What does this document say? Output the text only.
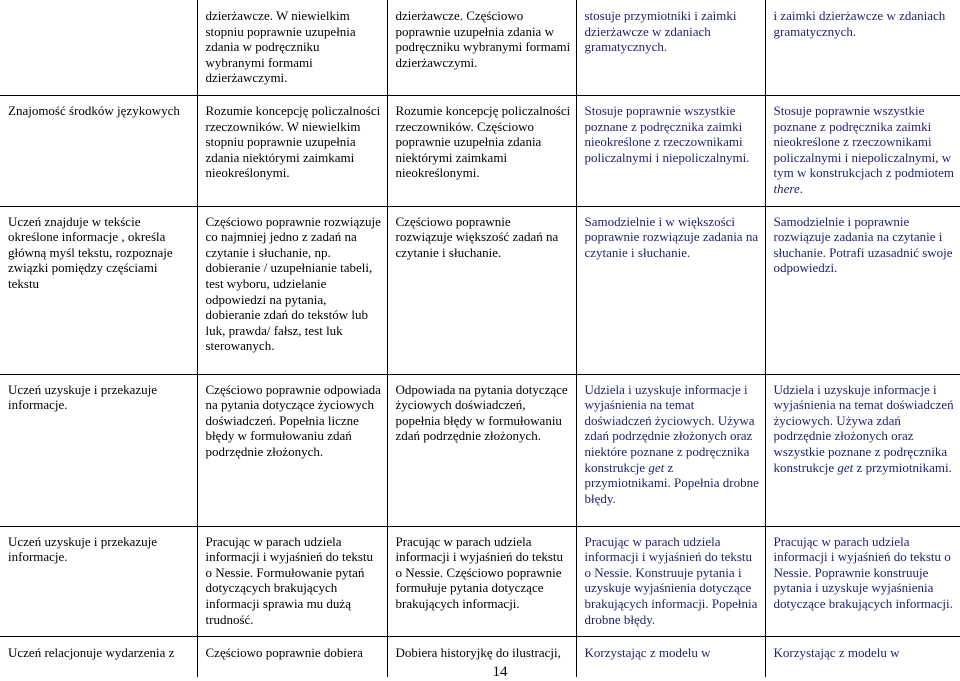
	dzierżawcze. W niewielkim stopniu poprawnie uzupełnia zdania w podręczniku wybranymi formami dzierżawczymi.	dzierżawcze. Częściowo poprawnie uzupełnia zdania w podręczniku wybranymi formami dzierżawczymi.	stosuje przymiotniki i zaimki dzierżawcze w zdaniach gramatycznych.	i zaimki dzierżawcze w zdaniach gramatycznych.
Znajomość środków językowych	Rozumie koncepcję policzalności rzeczowników. W niewielkim stopniu poprawnie uzupełnia zdania niektórymi zaimkami nieokreślonymi.	Rozumie koncepcję policzalności rzeczowników. Częściowo poprawnie uzupełnia zdania niektórymi zaimkami nieokreślonymi.	Stosuje poprawnie wszystkie poznane z podręcznika zaimki nieokreślone z rzeczownikami policzalnymi i niepoliczalnymi.	Stosuje poprawnie wszystkie poznane z podręcznika zaimki nieokreślone z rzeczownikami policzalnymi i niepoliczalnymi, w tym w konstrukcjach z podmiotem there.
Uczeń znajduje w tekście określone informacje , określa główną myśl tekstu, rozpoznaje związki pomiędzy częściami tekstu	Częściowo poprawnie rozwiązuje co najmniej jedno z zadań na czytanie i słuchanie, np. dobieranie / uzupełnianie tabeli, test wyboru, udzielanie odpowiedzi na pytania, dobieranie zdań do tekstów lub luk, prawda/ fałsz, test luk sterowanych.	Częściowo poprawnie rozwiązuje większość zadań na czytanie i słuchanie.	Samodzielnie i w większości poprawnie rozwiązuje zadania na czytanie i słuchanie.	Samodzielnie i poprawnie rozwiązuje zadania na czytanie i słuchanie. Potrafi uzasadnić swoje odpowiedzi.
Uczeń uzyskuje i przekazuje informacje.	Częściowo poprawnie odpowiada na pytania dotyczące życiowych doświadczeń. Popełnia liczne błędy w formułowaniu zdań podrzędnie złożonych.	Odpowiada na pytania dotyczące życiowych doświadczeń, popełnia błędy w formułowaniu zdań podrzędnie złożonych.	Udziela i uzyskuje informacje i wyjaśnienia na temat doświadczeń życiowych. Używa zdań podrzędnie złożonych oraz niektóre poznane z podręcznika konstrukcje get z przymiotnikami. Popełnia drobne błędy.	Udziela i uzyskuje informacje i wyjaśnienia na temat doświadczeń życiowych. Używa zdań podrzędnie złożonych oraz wszystkie poznane z podręcznika konstrukcje get z przymiotnikami.
Uczeń uzyskuje i przekazuje informacje.	Pracując w parach udziela informacji i wyjaśnień do tekstu o Nessie. Formułowanie pytań dotyczących brakujących informacji sprawia mu dużą trudność.	Pracując w parach udziela informacji i wyjaśnień do tekstu o Nessie. Częściowo poprawnie formułuje pytania dotyczące brakujących informacji.	Pracując w parach udziela informacji i wyjaśnień do tekstu o Nessie. Konstruuje pytania i uzyskuje wyjaśnienia dotyczące brakujących informacji. Popełnia drobne błędy.	Pracując w parach udziela informacji i wyjaśnień do tekstu o Nessie. Poprawnie konstruuje pytania i uzyskuje wyjaśnienia dotyczące brakujących informacji.
Uczeń relacjonuje wydarzenia z	Częściowo poprawnie dobiera	Dobiera historyjkę do ilustracji,	Korzystając z modelu w	Korzystając z modelu w
14
